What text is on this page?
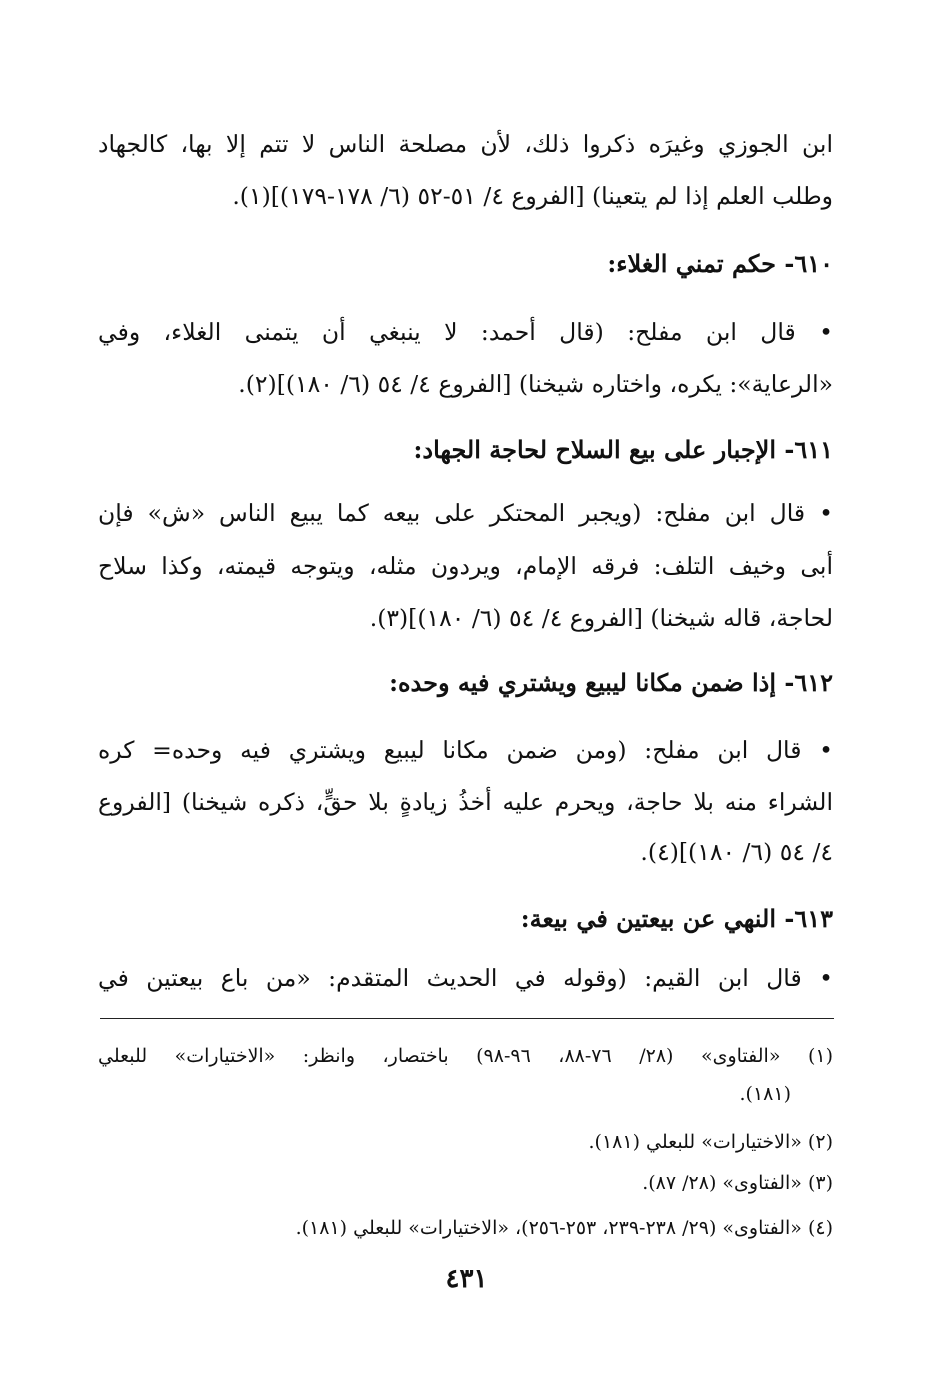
ابن الجوزي وغيرَه ذكروا ذلك، لأن مصلحة الناس لا تتم إلا بها، كالجهاد
وطلب العلم إذا لم يتعينا) [الفروع ٤/ ٥١-٥٢ (٦/ ١٧٨-١٧٩)](١).
٦١٠- حكم تمني الغلاء:
• قال ابن مفلح: (قال أحمد: لا ينبغي أن يتمنى الغلاء، وفي
«الرعاية»: يكره، واختاره شيخنا) [الفروع ٤/ ٥٤ (٦/ ١٨٠)](٢).
٦١١- الإجبار على بيع السلاح لحاجة الجهاد:
• قال ابن مفلح: (ويجبر المحتكر على بيعه كما يبيع الناس «ش» فإن
أبى وخيف التلف: فرقه الإمام، ويردون مثله، ويتوجه قيمته، وكذا سلاح
لحاجة، قاله شيخنا) [الفروع ٤/ ٥٤ (٦/ ١٨٠)](٣).
٦١٢- إذا ضمن مكانا ليبيع ويشتري فيه وحده:
• قال ابن مفلح: (ومن ضمن مكانا ليبيع ويشتري فيه وحده= كره
الشراء منه بلا حاجة، ويحرم عليه أخذُ زيادةٍ بلا حقٍّ، ذكره شيخنا) [الفروع
٤/ ٥٤ (٦/ ١٨٠)](٤).
٦١٣- النهي عن بيعتين في بيعة:
• قال ابن القيم: (وقوله في الحديث المتقدم: «من باع بيعتين في
(١) «الفتاوى» (٢٨/ ٧٦-٨٨، ٩٦-٩٨) باختصار، وانظر: «الاختيارات» للبعلي
(١٨١).
(٢) «الاختيارات» للبعلي (١٨١).
(٣) «الفتاوى» (٢٨/ ٨٧).
(٤) «الفتاوى» (٢٩/ ٢٣٨-٢٣٩، ٢٥٣-٢٥٦)، «الاختيارات» للبعلي (١٨١).
٤٣١
